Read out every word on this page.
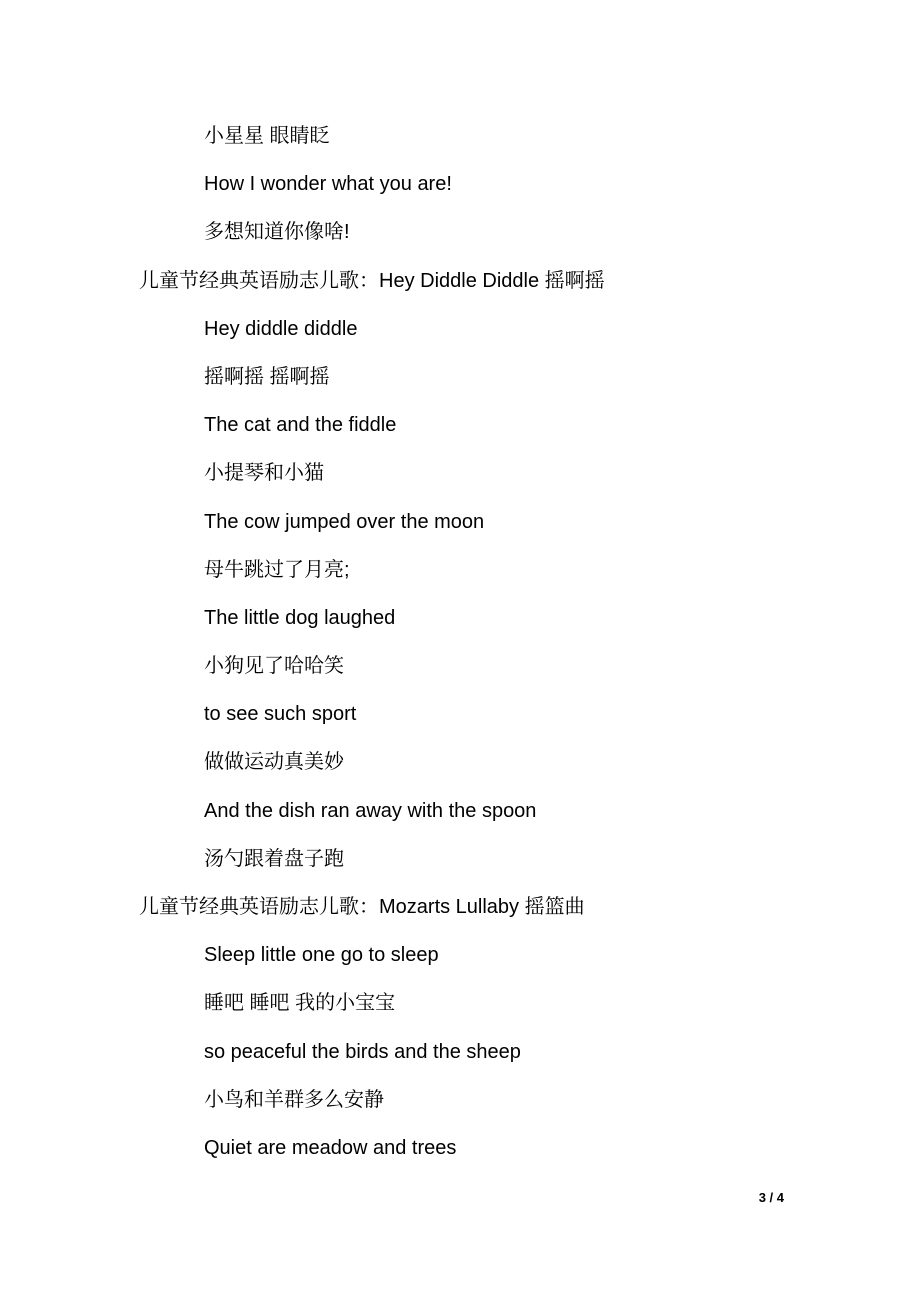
小星星 眼睛眨
How I wonder what you are!
多想知道你像啥!
儿童节经典英语励志儿歌：Hey Diddle Diddle 摇啊摇
Hey diddle diddle
摇啊摇 摇啊摇
The cat and the fiddle
小提琴和小猫
The cow jumped over the moon
母牛跳过了月亮;
The little dog laughed
小狗见了哈哈笑
to see such sport
做做运动真美妙
And the dish ran away with the spoon
汤勺跟着盘子跑
儿童节经典英语励志儿歌：Mozarts Lullaby 摇篮曲
Sleep little one go to sleep
睡吧 睡吧 我的小宝宝
so peaceful the birds and the sheep
小鸟和羊群多么安静
Quiet are meadow and trees
3 / 4
